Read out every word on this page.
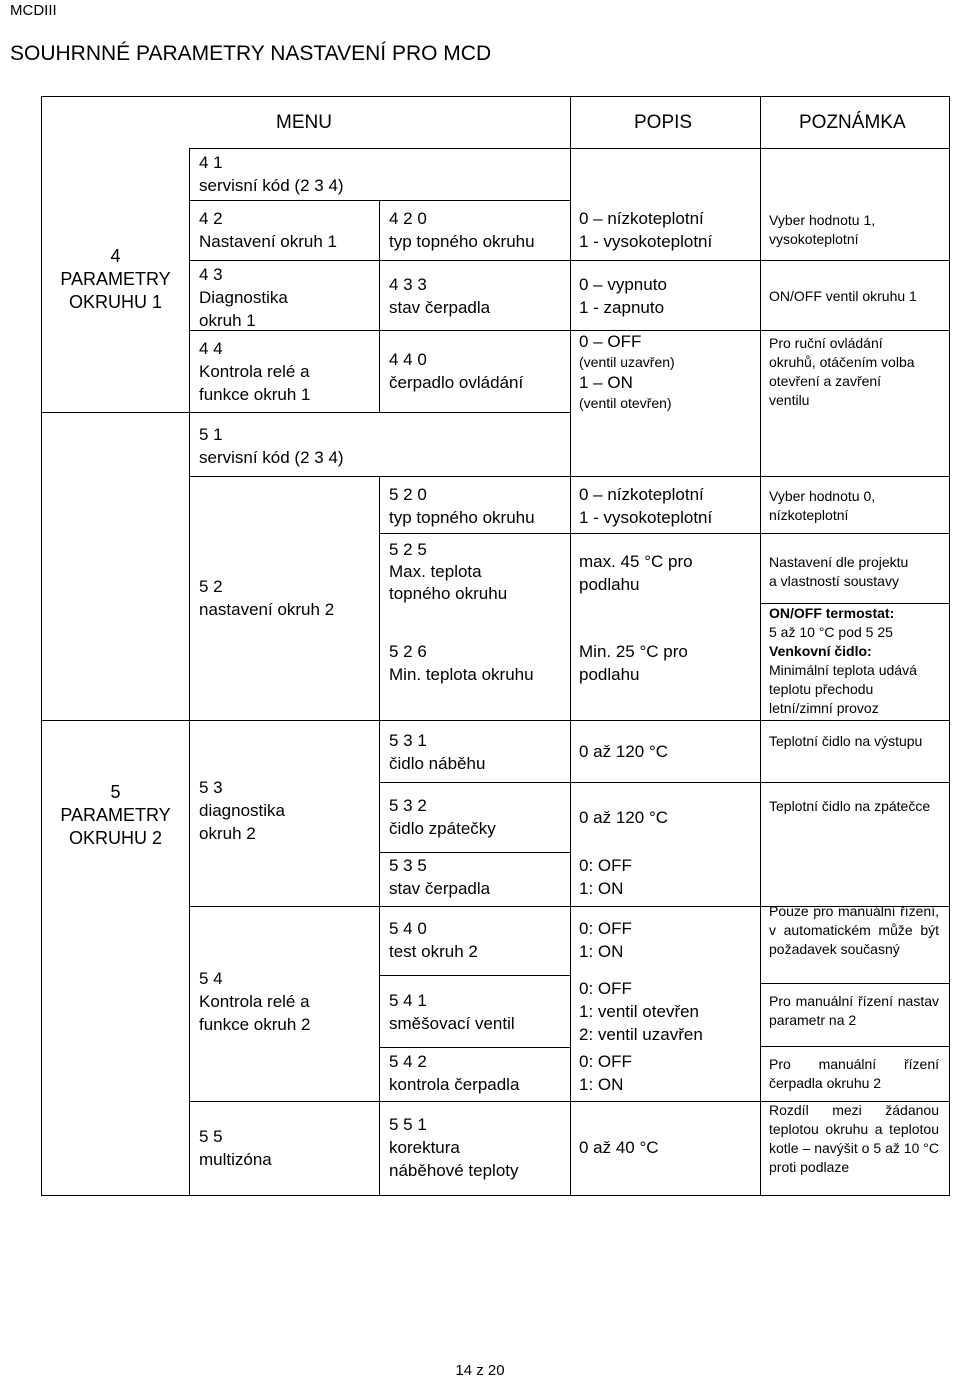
MCDIII
SOUHRNNÉ PARAMETRY NASTAVENÍ PRO MCD
MENU	POPIS	POZNÁMKA
4
PARAMETRY
OKRUHU 1
5
PARAMETRY
OKRUHU 2
4 1
servisní kód (2 3 4)
4 2
Nastavení okruh 1
4 2 0
typ topného okruhu
0 – nízkoteplotní
1 - vysokoteplotní
Vyber hodnotu 1,
vysokoteplotní
4 3
Diagnostika
okruh 1
4 3 3
stav čerpadla
0 – vypnuto
1 - zapnuto
ON/OFF ventil okruhu 1
4 4
Kontrola relé a
funkce okruh 1
4 4 0
čerpadlo ovládání
0 – OFF
(ventil uzavřen)
1 – ON
(ventil otevřen)
Pro ruční ovládání
okruhů, otáčením volba
otevření a zavření
ventilu
5 1
servisní kód (2 3 4)
5 2
nastavení okruh 2
5 2 0
typ topného okruhu
0 – nízkoteplotní
1 - vysokoteplotní
Vyber hodnotu 0,
nízkoteplotní
5 2 5
Max. teplota
topného okruhu
max. 45 °C pro
podlahu
Nastavení dle projektu
a vlastností soustavy
5 2 6
Min. teplota okruhu
Min. 25 °C pro
podlahu
ON/OFF termostat:
5 až 10 °C pod 5 25
Venkovní čidlo:
Minimální teplota udává
teplotu přechodu
letní/zimní provoz
5 3
diagnostika
okruh 2
5 3 1
čidlo náběhu
0 až 120 °C
Teplotní čidlo na výstupu
5 3 2
čidlo zpátečky
0 až 120 °C
Teplotní čidlo na zpátečce
5 3 5
stav čerpadla
0: OFF
1: ON
5 4
Kontrola relé a
funkce okruh 2
5 4 0
test okruh 2
0: OFF
1: ON
Pouze pro manuální řízení, v automatickém může být požadavek současný
5 4 1
směšovací ventil
0: OFF
1: ventil otevřen
2: ventil uzavřen
Pro manuální řízení nastav parametr na 2
5 4 2
kontrola čerpadla
0: OFF
1: ON
Pro manuální řízení čerpadla okruhu 2
5 5
multizóna
5 5 1
korektura
náběhové teploty
0 až 40 °C
Rozdíl mezi žádanou teplotou okruhu a teplotou kotle – navýšit o 5 až 10 °C proti podlaze
14 z 20
